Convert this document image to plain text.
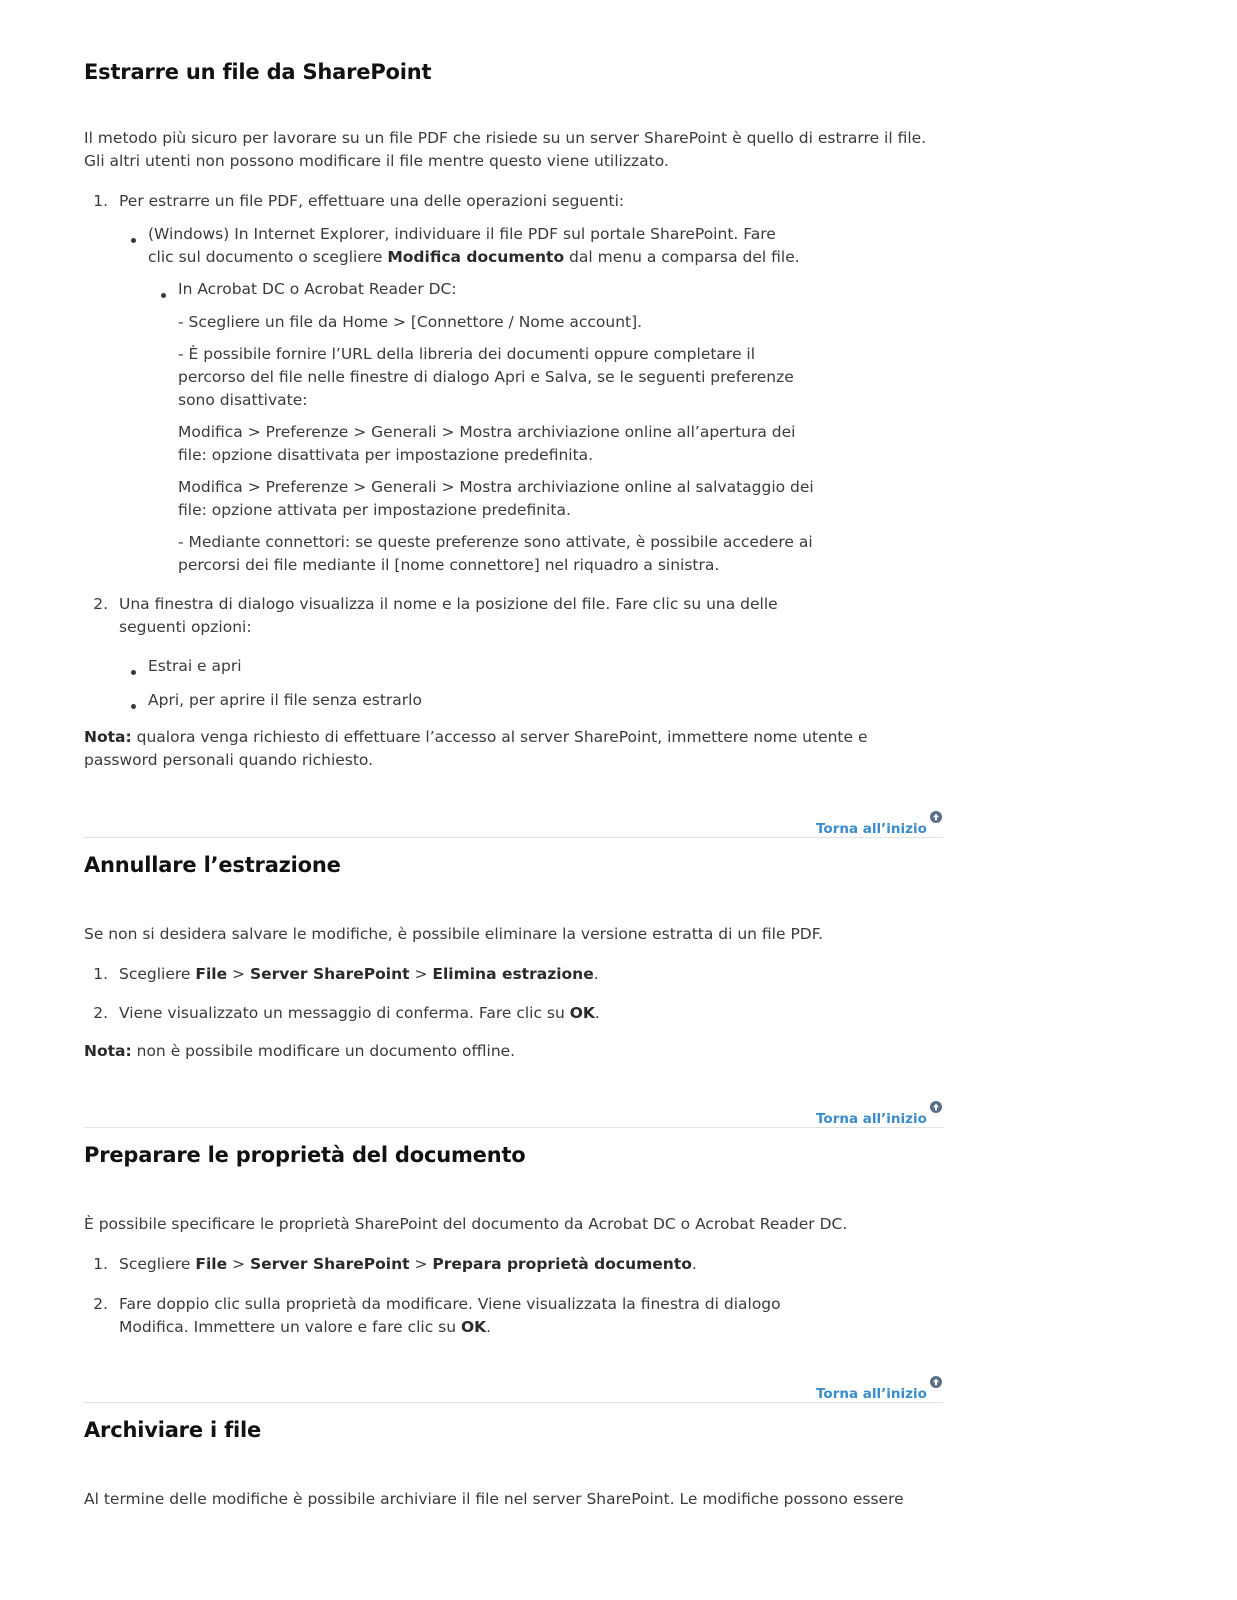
Estrarre un file da SharePoint

Il metodo più sicuro per lavorare su un file PDF che risiede su un server SharePoint è quello di estrarre il file.

Gli altri utenti non possono modificare il file mentre questo viene utilizzato.

1. Per estrarre un file PDF, effettuare una delle operazioni seguenti:

(Windows) In Internet Explorer, individuare il file PDF sul portale SharePoint. Fare

clic sul documento o scegliere Modifica documento dal menu a comparsa del file.

In Acrobat DC o Acrobat Reader DC:

- Scegliere un file da Home > [Connettore / Nome account].

- È possibile fornire l’URL della libreria dei documenti oppure completare il

percorso del file nelle finestre di dialogo Apri e Salva, se le seguenti preferenze

sono disattivate:

Modifica > Preferenze > Generali > Mostra archiviazione online all’apertura dei

file: opzione disattivata per impostazione predefinita.

Modifica > Preferenze > Generali > Mostra archiviazione online al salvataggio dei

file: opzione attivata per impostazione predefinita.

- Mediante connettori: se queste preferenze sono attivate, è possibile accedere ai

percorsi dei file mediante il [nome connettore] nel riquadro a sinistra.

2. Una finestra di dialogo visualizza il nome e la posizione del file. Fare clic su una delle

seguenti opzioni:

Estrai e apri

Apri, per aprire il file senza estrarlo

Nota: qualora venga richiesto di effettuare l’accesso al server SharePoint, immettere nome utente e

password personali quando richiesto.

Torna all’inizio
Annullare l’estrazione

Se non si desidera salvare le modifiche, è possibile eliminare la versione estratta di un file PDF.

1. Scegliere File > Server SharePoint > Elimina estrazione.

2. Viene visualizzato un messaggio di conferma. Fare clic su OK.

Nota: non è possibile modificare un documento offline.

Torna all’inizio
Preparare le proprietà del documento

È possibile specificare le proprietà SharePoint del documento da Acrobat DC o Acrobat Reader DC.

1. Scegliere File > Server SharePoint > Prepara proprietà documento.

2. Fare doppio clic sulla proprietà da modificare. Viene visualizzata la finestra di dialogo

Modifica. Immettere un valore e fare clic su OK.

Torna all’inizio
Archiviare i file

Al termine delle modifiche è possibile archiviare il file nel server SharePoint. Le modifiche possono essere
